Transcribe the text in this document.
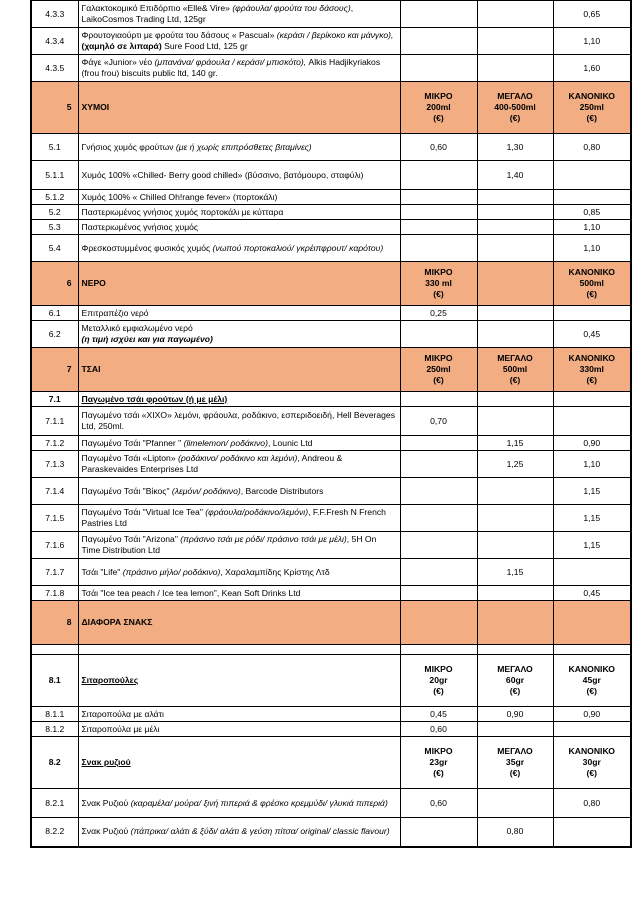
4.3.3	Γαλακτοκομικό Επιδόρπιο «Elle& Vire» (φράουλα/ φρούτα του δάσους), LaikoCosmos Trading Ltd, 125gr			0,65
4.3.4	Φρουτογιαούρτι με φρούτα του δάσους « Pascual» (κεράσι / βερίκοκο και μάνγκο), (χαμηλό σε λιπαρά) Sure Food Ltd, 125 gr			1,10
4.3.5	Φάγε «Junior» νέο (μπανάνα/ φράουλα / κεράσι/ μπισκότο), Alkis Hadjikyriakos (frou frou) biscuits public ltd, 140 gr.			1,60
5	ΧΥΜΟΙ	ΜΙΚΡΟ
200ml
(€)	ΜΕΓΑΛΟ
400-500ml
(€)	ΚΑΝΟΝΙΚΟ
250ml
(€)
5.1	Γνήσιος χυμός φρούτων (με ή χωρίς επιπρόσθετες βιταμίνες)	0,60	1,30	0,80
5.1.1	Χυμός 100% «Chilled- Berry good chilled» (βύσσινο, βατόμουρο, σταφύλι)		1,40	
5.1.2	Χυμός 100% « Chilled Oh!range fever» (πορτοκάλι)			
5.2	Παστεριωμένος γνήσιος χυμός πορτοκάλι με κύτταρα			0,85
5.3	Παστεριωμένος γνήσιος χυμός			1,10
5.4	Φρεσκοστυμμένος φυσικός χυμός (νωπού πορτοκαλιού/ γκρέιπφρουτ/ καρότου)			1,10
6	ΝΕΡΟ	ΜΙΚΡΟ
330 ml
(€)		ΚΑΝΟΝΙΚΟ
500ml
(€)
6.1	Επιτραπέζιο νερό	0,25		
6.2	Μεταλλικό εμφιαλωμένο νερό
(η τιμή ισχύει και για παγωμένο)			0,45
7	ΤΣΑΙ	ΜΙΚΡΟ
250ml
(€)	ΜΕΓΑΛΟ
500ml
(€)	ΚΑΝΟΝΙΚΟ
330ml
(€)
7.1	Παγωμένο τσάι φρούτων (ή με μέλι)			
7.1.1	Παγωμένο τσάι «ΧΙΧΟ» λεμόνι, φράουλα, ροδάκινο, εσπεριδοειδή, Hell Beverages Ltd, 250ml.	0,70		
7.1.2	Παγωμένο Τσάι "Pfanner " (limelemon/ ροδάκινο), Lounic Ltd		1,15	0,90
7.1.3	Παγωμένο Τσάι «Lipton» (ροδάκινο/ ροδάκινο και λεμόνι), Andreou & Paraskevaides Enterprises Ltd		1,25	1,10
7.1.4	Παγωμένο Τσάι "Βίκος" (λεμόνι/ ροδάκινο), Barcode Distributors			1,15
7.1.5	Παγωμένο Τσάι "Virtual Ice Tea" (φράουλα/ροδάκινο/λεμόνι), F.F.Fresh N French Pastries Ltd			1,15
7.1.6	Παγωμένο Τσάι "Arizona" (πράσινο τσάι με ρόδι/ πράσινο τσάι με μέλι), 5H On Time Distribution Ltd			1,15
7.1.7	Τσάι "Life" (πράσινο μήλο/ ροδάκινο), Χαραλαμπίδης Κρίστης Λτδ		1,15	
7.1.8	Τσάι "Ice tea peach / Ice tea lemon", Kean Soft Drinks Ltd			0,45
8	ΔΙΑΦΟΡΑ ΣΝΑΚΣ			

8.1	Σιταροπούλες	ΜΙΚΡΟ
20gr
(€)	ΜΕΓΑΛΟ
60gr
(€)	ΚΑΝΟΝΙΚΟ
45gr
(€)
8.1.1	Σιταροπούλα με αλάτι	0,45	0,90	0,90
8.1.2	Σιταροπούλα με μέλι	0,60		
8.2	Σνακ ρυζιού	ΜΙΚΡΟ
23gr
(€)	ΜΕΓΑΛΟ
35gr
(€)	ΚΑΝΟΝΙΚΟ
30gr
(€)
8.2.1	Σνακ Ρυζιού (καραμέλα/ μούρα/ ξινή πιπεριά & φρέσκο κρεμμύδι/ γλυκιά πιπεριά)	0,60		0,80
8.2.2	Σνακ Ρυζιού (πάπρικα/ αλάτι & ξύδι/ αλάτι & γεύση πίτσα/ original/ classic flavour)		0,80	
